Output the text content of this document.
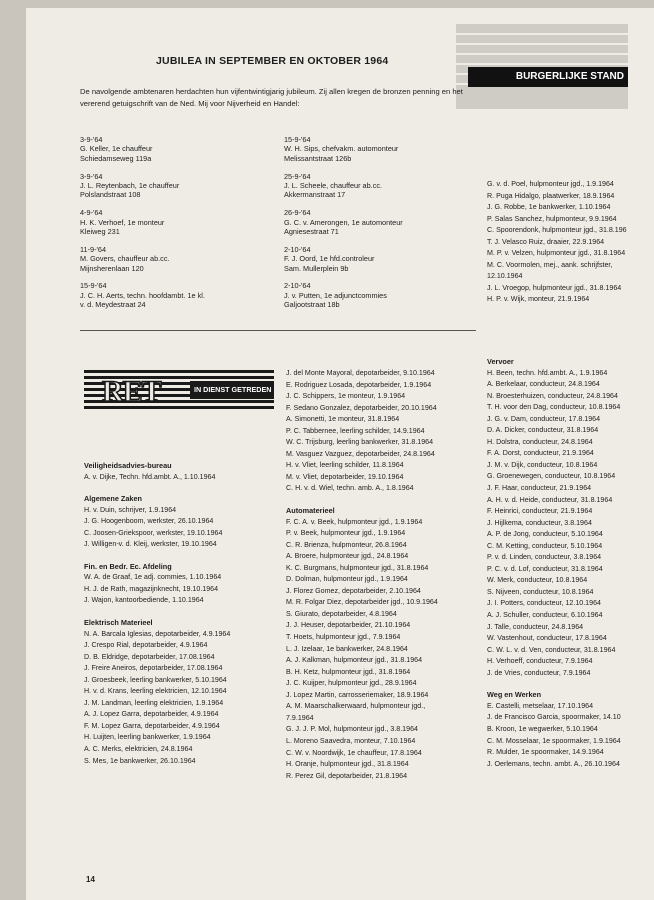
BURGERLIJKE STAND
JUBILEA IN SEPTEMBER EN OKTOBER 1964
De navolgende ambtenaren herdachten hun vijfentwintigjarig jubileum. Zij allen kregen de bronzen penning en het vererend getuigschrift van de Ned. Mij voor Nijverheid en Handel:
3-9-'64
G. Keller, 1e chauffeur
Schiedamseweg 119a
3-9-'64
J. L. Reytenbach, 1e chauffeur
Polslandstraat 108
4-9-'64
H. K. Verhoef, 1e monteur
Kleiweg 231
11-9-'64
M. Govers, chauffeur ab.cc.
Mijnsherenlaan 120
15-9-'64
J. C. H. Aerts, techn. hoofdambt. 1e kl.
v. d. Meydestraat 24
15-9-'64
W. H. Sips, chefvakm. automonteur
Melissantstraat 126b
25-9-'64
J. L. Scheele, chauffeur ab.cc.
Akkermanstraat 17
26-9-'64
G. C. v. Amerongen, 1e automonteur
Agniesestraat 71
2-10-'64
F. J. Oord, 1e hfd.controleur
Sam. Mullerplein 9b
2-10-'64
J. v. Putten, 1e adjunctcommies
Galjootstraat 18b
G. v. d. Poel, hulpmonteur jgd., 1.9.1964
R. Puga Hidalgo, plaatwerker, 18.9.1964
J. G. Robbe, 1e bankwerker, 1.10.1964
P. Salas Sanchez, hulpmonteur, 9.9.1964
C. Spoorendonk, hulpmonteur jgd., 31.8.196
T. J. Velasco Ruiz, draaier, 22.9.1964
M. P. v. Velzen, hulpmonteur jgd., 31.8.1964
M. C. Voormolen, mej., aank. schrijfster,
12.10.1964
J. L. Vroegop, hulpmonteur jgd., 31.8.1964
H. P. v. Wijk, monteur, 21.9.1964
RET	IN DIENST GETREDEN
Veiligheidsadvies-bureau
A. v. Dijke, Techn. hfd.ambt. A., 1.10.1964
Algemene Zaken
H. v. Duin, schrijver, 1.9.1964
J. G. Hoogenboom, werkster, 26.10.1964
C. Joosen-Griekspoor, werkster, 19.10.1964
J. Willigen-v. d. Kleij, werkster, 19.10.1964
Fin. en Bedr. Ec. Afdeling
W. A. de Graaf, 1e adj. commies, 1.10.1964
H. J. de Rath, magazijnknecht, 19.10.1964
J. Wajon, kantoorbediende, 1.10.1964
Elektrisch Materieel
N. A. Barcala Iglesias, depotarbeider, 4.9.1964
J. Crespo Rial, depotarbeider, 4.9.1964
D. B. Eldridge, depotarbeider, 17.08.1964
J. Freire Aneiros, depotarbeider, 17.08.1964
J. Groesbeek, leerling bankwerker, 5.10.1964
H. v. d. Krans, leerling elektricien, 12.10.1964
J. M. Landman, leerling elektricien, 1.9.1964
A. J. Lopez Garra, depotarbeider, 4.9.1964
F. M. Lopez Garra, depotarbeider, 4.9.1964
H. Luijten, leerling bankwerker, 1.9.1964
A. C. Merks, elektricien, 24.8.1964
S. Mes, 1e bankwerker, 26.10.1964
J. del Monte Mayoral, depotarbeider, 9.10.1964
E. Rodriguez Losada, depotarbeider, 1.9.1964
J. C. Schippers, 1e monteur, 1.9.1964
F. Sedano Gonzalez, depotarbeider, 20.10.1964
A. Simonetti, 1e monteur, 31.8.1964
P. C. Tabbernee, leerling schilder, 14.9.1964
W. C. Trijsburg, leerling bankwerker, 31.8.1964
M. Vasguez Vazguez, depotarbeider, 24.8.1964
H. v. Vliet, leerling schilder, 11.8.1964
M. v. Vliet, depotarbeider, 19.10.1964
C. H. v. d. Wiel, techn. amb. A., 1.8.1964
Automaterieel
F. C. A. v. Beek, hulpmonteur jgd., 1.9.1964
P. v. Beek, hulpmonteur jgd., 1.9.1964
C. R. Brienza, hulpmonteur, 26.8.1964
A. Broere, hulpmonteur jgd., 24.8.1964
K. C. Burgmans, hulpmonteur jgd., 31.8.1964
D. Dolman, hulpmonteur jgd., 1.9.1964
J. Florez Gomez, depotarbeider, 2.10.1964
M. R. Folgar Diez, depotarbeider jgd., 10.9.1964
S. Giurato, depotarbeider, 4.8.1964
J. J. Heuser, depotarbeider, 21.10.1964
T. Hoets, hulpmonteur jgd., 7.9.1964
L. J. Izelaar, 1e bankwerker, 24.8.1964
A. J. Kalkman, hulpmonteur jgd., 31.8.1964
B. H. Ketz, hulpmonteur jgd., 31.8.1964
J. C. Kuijper, hulpmonteur jgd., 28.9.1964
J. Lopez Martin, carrosseriemaker, 18.9.1964
A. M. Maarschalkerwaard, hulpmonteur jgd.,
7.9.1964
G. J. J. P. Mol, hulpmonteur jgd., 3.8.1964
L. Moreno Saavedra, monteur, 7.10.1964
C. W. v. Noordwijk, 1e chauffeur, 17.8.1964
H. Oranje, hulpmonteur jgd., 31.8.1964
R. Perez Gil, depotarbeider, 21.8.1964
Vervoer
H. Been, techn. hfd.ambt. A., 1.9.1964
A. Berkelaar, conducteur, 24.8.1964
N. Broesterhuizen, conducteur, 24.8.1964
T. H. voor den Dag, conducteur, 10.8.1964
J. G. v. Dam, conducteur, 17.8.1964
D. A. Dicker, conducteur, 31.8.1964
H. Dolstra, conducteur, 24.8.1964
F. A. Dorst, conducteur, 21.9.1964
J. M. v. Dijk, conducteur, 10.8.1964
G. Groenewegen, conducteur, 10.8.1964
J. F. Haar, conducteur, 21.9.1964
A. H. v. d. Heide, conducteur, 31.8.1964
F. Heinrici, conducteur, 21.9.1964
J. Hijlkema, conducteur, 3.8.1964
A. P. de Jong, conducteur, 5.10.1964
C. M. Ketting, conducteur, 5.10.1964
P. v. d. Linden, conducteur, 3.8.1964
P. C. v. d. Lof, conducteur, 31.8.1964
W. Merk, conducteur, 10.8.1964
S. Nijveen, conducteur, 10.8.1964
J. I. Potters, conducteur, 12.10.1964
A. J. Schuller, conducteur, 6.10.1964
J. Talle, conducteur, 24.8.1964
W. Vastenhout, conducteur, 17.8.1964
C. W. L. v. d. Ven, conducteur, 31.8.1964
H. Verhoeff, conducteur, 7.9.1964
J. de Vries, conducteur, 7.9.1964
Weg en Werken
E. Castelli, metselaar, 17.10.1964
J. de Francisco Garcia, spoormaker, 14.10
B. Kroon, 1e wegwerker, 5.10.1964
C. M. Mosselaar, 1e spoormaker, 1.9.1964
R. Mulder, 1e spoormaker, 14.9.1964
J. Oerlemans, techn. ambt. A., 26.10.1964
14
